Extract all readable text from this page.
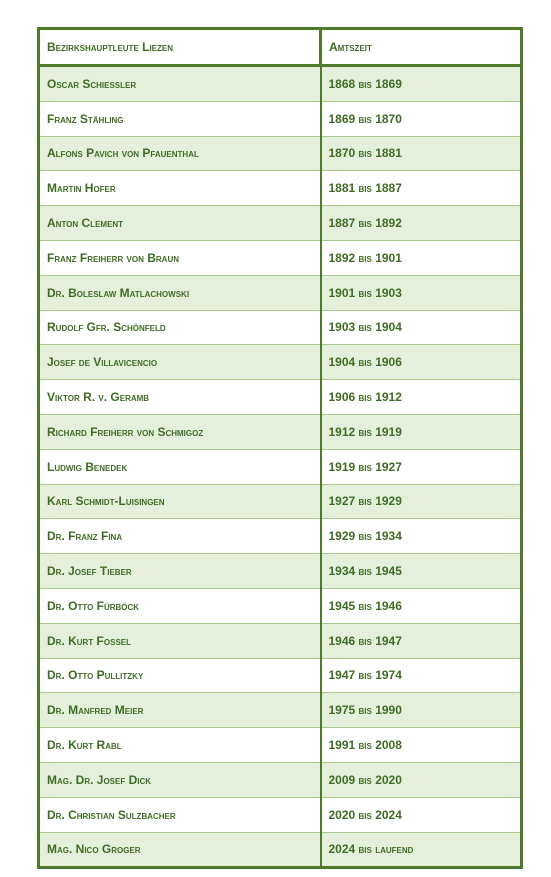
Bezirkshauptleute Liezen	Amtszeit
Oscar Schiessler	1868 bis 1869
Franz Stähling	1869 bis 1870
Alfons Pavich von Pfauenthal	1870 bis 1881
Martin Hofer	1881 bis 1887
Anton Clement	1887 bis 1892
Franz Freiherr von Braun	1892 bis 1901
Dr. Boleslaw Matlachowski	1901 bis 1903
Rudolf Gfr. Schönfeld	1903 bis 1904
Josef de Villavicencio	1904 bis 1906
Viktor R. v. Geramb	1906 bis 1912
Richard Freiherr von Schmigoz	1912 bis 1919
Ludwig Benedek	1919 bis 1927
Karl Schmidt-Luisingen	1927 bis 1929
Dr. Franz Fina	1929 bis 1934
Dr. Josef Tieber	1934 bis 1945
Dr. Otto Fürböck	1945 bis 1946
Dr. Kurt Fossel	1946 bis 1947
Dr. Otto Pullitzky	1947 bis 1974
Dr. Manfred Meier	1975 bis 1990
Dr. Kurt Rabl	1991 bis 2008
Mag. Dr. Josef Dick	2009 bis 2020
Dr. Christian Sulzbacher	2020 bis 2024
Mag. Nico Groger	2024 bis laufend
